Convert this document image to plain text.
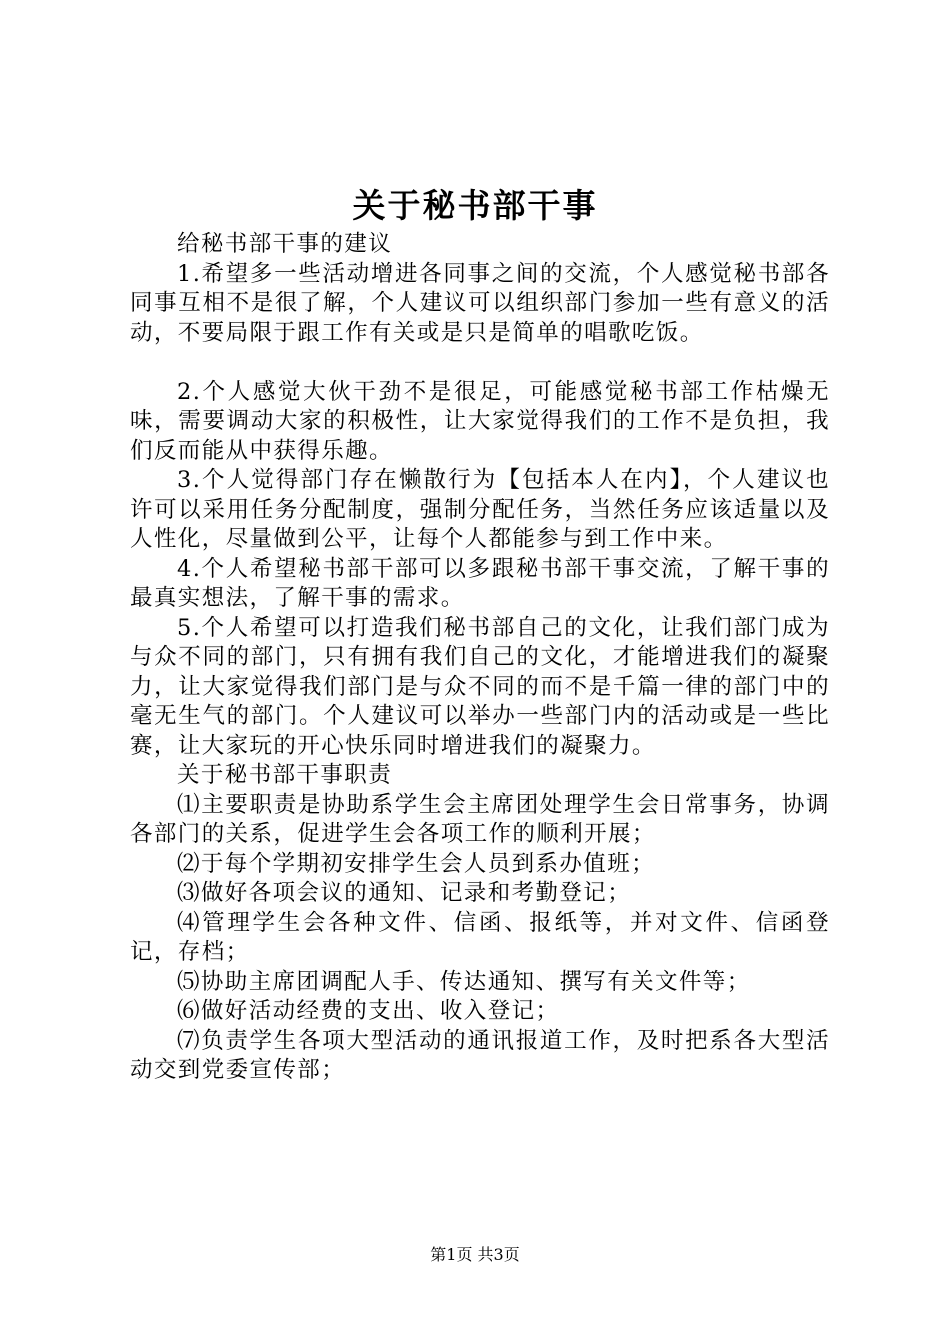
关于秘书部干事

给秘书部干事的建议

1.希望多一些活动增进各同事之间的交流，个人感觉秘书部各同事互相不是很了解，个人建议可以组织部门参加一些有意义的活动，不要局限于跟工作有关或是只是简单的唱歌吃饭。

2.个人感觉大伙干劲不是很足，可能感觉秘书部工作枯燥无味，需要调动大家的积极性，让大家觉得我们的工作不是负担，我们反而能从中获得乐趣。

3.个人觉得部门存在懒散行为【包括本人在内】，个人建议也许可以采用任务分配制度，强制分配任务，当然任务应该适量以及人性化，尽量做到公平，让每个人都能参与到工作中来。

4.个人希望秘书部干部可以多跟秘书部干事交流，了解干事的最真实想法，了解干事的需求。

5.个人希望可以打造我们秘书部自己的文化，让我们部门成为与众不同的部门，只有拥有我们自己的文化，才能增进我们的凝聚力，让大家觉得我们部门是与众不同的而不是千篇一律的部门中的毫无生气的部门。个人建议可以举办一些部门内的活动或是一些比赛，让大家玩的开心快乐同时增进我们的凝聚力。

关于秘书部干事职责

⑴主要职责是协助系学生会主席团处理学生会日常事务，协调各部门的关系，促进学生会各项工作的顺利开展；

⑵于每个学期初安排学生会人员到系办值班；

⑶做好各项会议的通知、记录和考勤登记；

⑷管理学生会各种文件、信函、报纸等，并对文件、信函登记，存档；

⑸协助主席团调配人手、传达通知、撰写有关文件等；

⑹做好活动经费的支出、收入登记；

⑺负责学生各项大型活动的通讯报道工作，及时把系各大型活动交到党委宣传部；

第1页 共3页
